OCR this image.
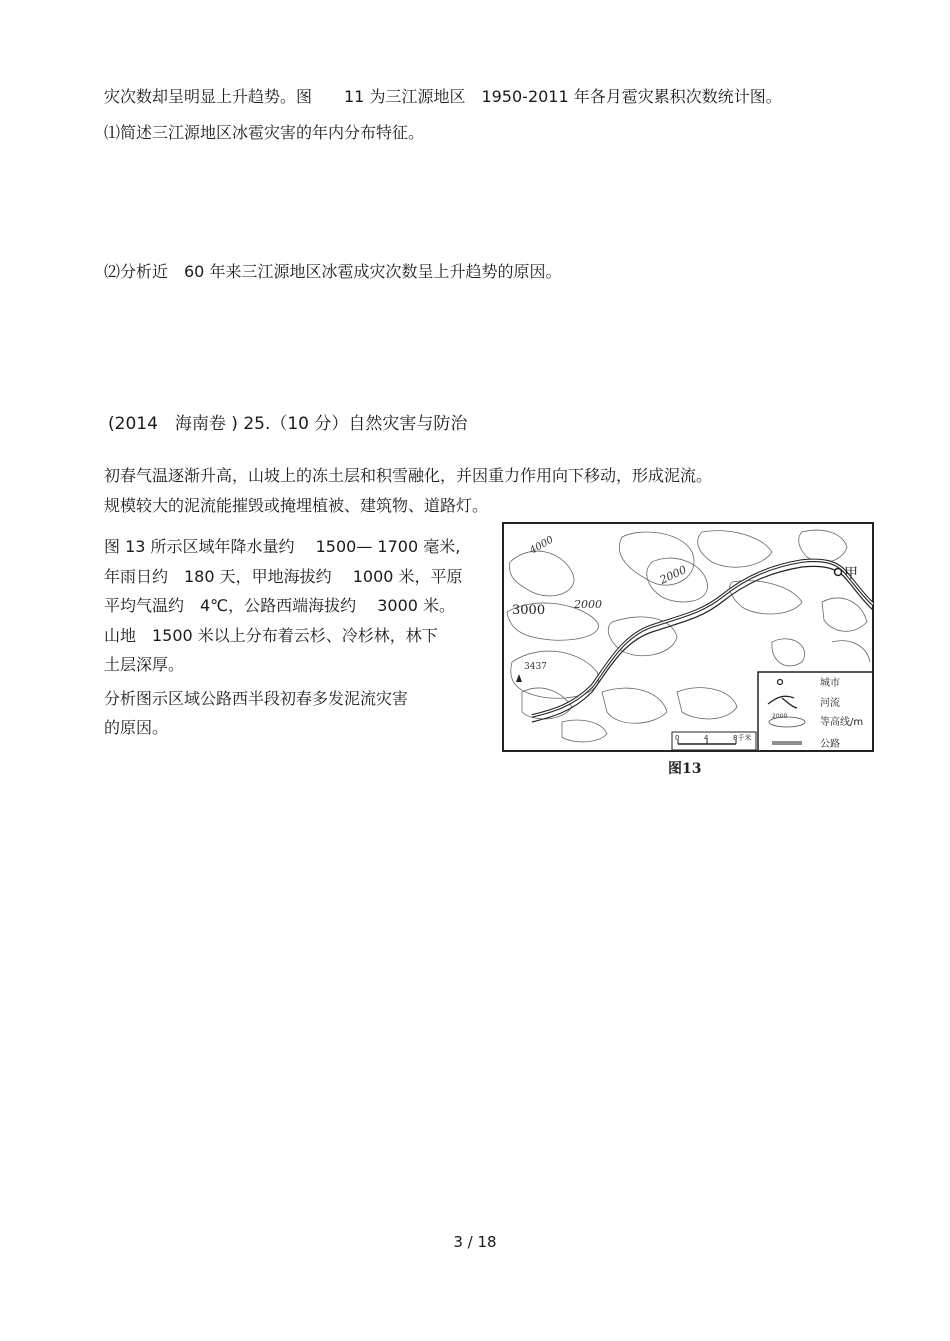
灾次数却呈明显上升趋势。图　　11 为三江源地区　1950-2011 年各月雹灾累积次数统计图。
⑴简述三江源地区冰雹灾害的年内分布特征。
⑵分析近　60 年来三江源地区冰雹成灾次数呈上升趋势的原因。
(2014　海南卷 ) 25.（10 分）自然灾害与防治
初春气温逐渐升高，山坡上的冻土层和积雪融化，并因重力作用向下移动，形成泥流。
规模较大的泥流能摧毁或掩埋植被、建筑物、道路灯。

图 13 所示区域年降水量约　 1500— 1700 毫米,

年雨日约　180 天，甲地海拔约　 1000 米，平原

平均气温约　4℃，公路西端海拔约　 3000 米。

山地　1500 米以上分布着云杉、冷杉林，林下

土层深厚。

分析图示区域公路西半段初春多发泥流灾害

的原因。

甲
4000
2000
3000	2000
3437
城市
河流
2000
等高线/m
公路
0	4	8千米
图13
3 / 18
